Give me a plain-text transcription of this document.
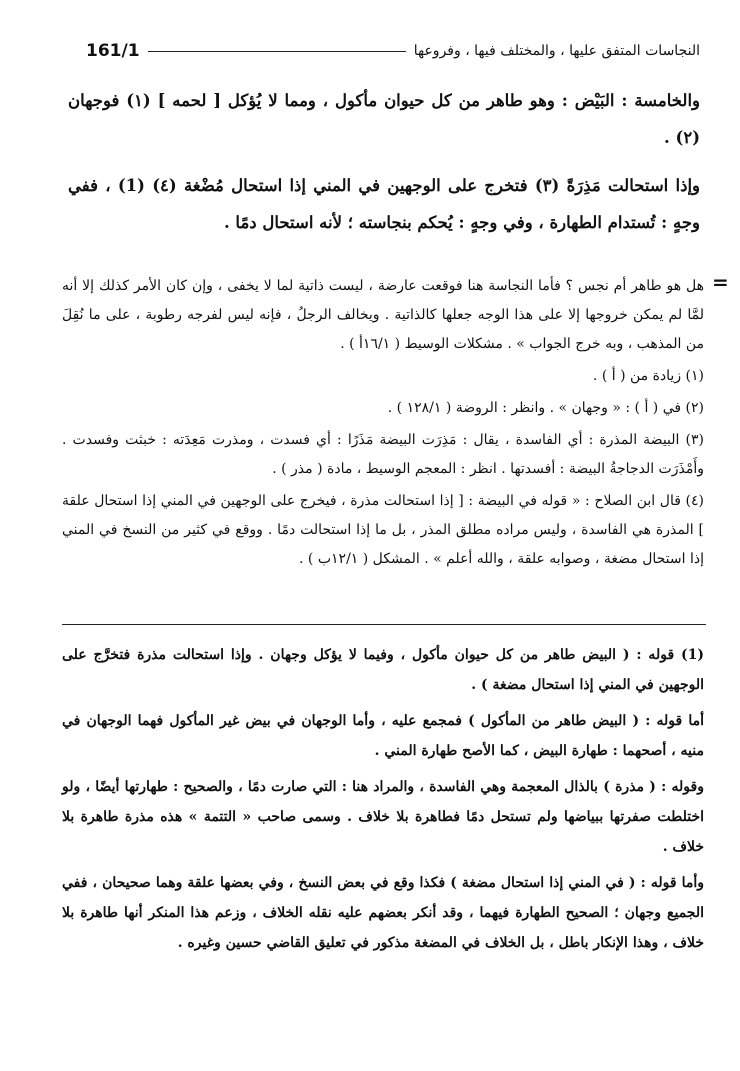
النجاسات المتفق عليها ، والمختلف فيها ، وفروعها
161/1

والخامسة : البَيْض : وهو طاهر من كل حيوان مأكول ، ومما لا يُؤكل [ لحمه ] (١) فوجهان (٢) .

وإذا استحالت مَذِرَةً (٣) فتخرج على الوجهين في المني إذا استحال مُضْغة (٤) (1) ، ففي وجهٍ : تُستدام الطهارة ، وفي وجهٍ : يُحكم بنجاسته ؛ لأنه استحال دمًا .

=

هل هو طاهر أم نجس ؟ فأما النجاسة هنا فوقعت عارضة ، ليست ذاتية لما لا يخفى ، وإن كان الأمر كذلك إلا أنه لمَّا لم يمكن خروجها إلا على هذا الوجه جعلها كالذاتية . ويخالف الرجلُ ، فإنه ليس لفرجه رطوبة ، على ما نُقِلَ من المذهب ، وبه خرج الجواب » . مشكلات الوسيط ( ١٦/١أ ) .

(١) زيادة من ( أ ) .

(٢) في ( أ ) : « وجهان » . وانظر : الروضة ( ١٢٨/١ ) .

(٣) البيضة المذرة : أي الفاسدة ، يقال : مَذِرَت البيضة مَذَرًا : أي فسدت ، ومذرت مَعِدَته : خبثت وفسدت . وأَمْذَرَت الدجاجةُ البيضة : أفسدتها . انظر : المعجم الوسيط ، مادة ( مذر ) .

(٤) قال ابن الصلاح : « قوله في البيضة : [ إذا استحالت مذرة ، فيخرج على الوجهين في المني إذا استحال علقة ] المذرة هي الفاسدة ، وليس مراده مطلق المذر ، بل ما إذا استحالت دمًا . ووقع في كثير من النسخ في المني إذا استحال مضغة ، وصوابه علقة ، والله أعلم » . المشكل ( ١٢/١ب ) .

(1) قوله : ( البيض طاهر من كل حيوان مأكول ، وفيما لا يؤكل وجهان . وإذا استحالت مذرة فتخرَّج على الوجهين في المني إذا استحال مضغة ) .

أما قوله : ( البيض طاهر من المأكول ) فمجمع عليه ، وأما الوجهان في بيض غير المأكول فهما الوجهان في منيه ، أصحهما : طهارة البيض ، كما الأصح طهارة المني .

وقوله : ( مذرة ) بالذال المعجمة وهي الفاسدة ، والمراد هنا : التي صارت دمًا ، والصحيح : طهارتها أيضًا ، ولو اختلطت صفرتها ببياضها ولم تستحل دمًا فطاهرة بلا خلاف . وسمى صاحب « التتمة » هذه مذرة طاهرة بلا خلاف .

وأما قوله : ( في المني إذا استحال مضغة ) فكذا وقع في بعض النسخ ، وفي بعضها علقة وهما صحيحان ، ففي الجميع وجهان ؛ الصحيح الطهارة فيهما ، وقد أنكر بعضهم عليه نقله الخلاف ، وزعم هذا المنكر أنها طاهرة بلا خلاف ، وهذا الإنكار باطل ، بل الخلاف في المضغة مذكور في تعليق القاضي حسين وغيره .
